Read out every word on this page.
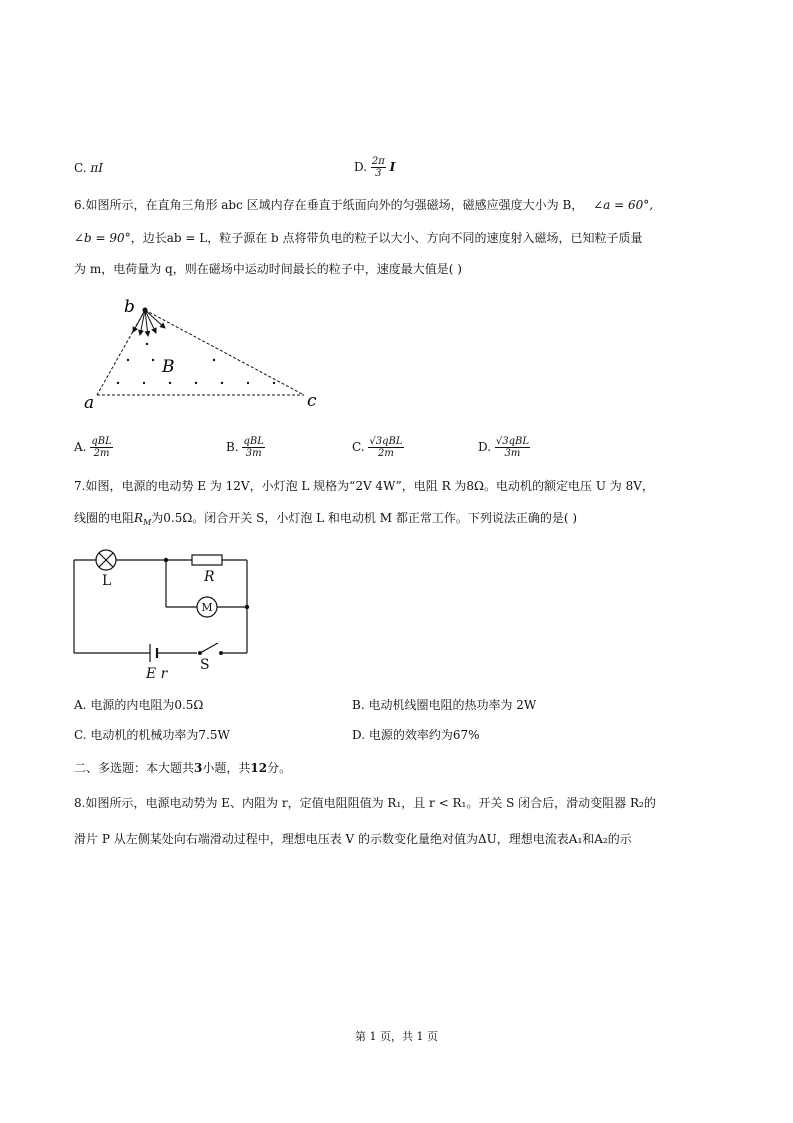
C. πI	D. $\frac{2\pi}{3}$ I
6.如图所示，在直角三角形 abc 区域内存在垂直于纸面向外的匀强磁场，磁感应强度大小为 B， ∠a = 60°,
∠b = 90°，边长ab = L，粒子源在 b 点将带负电的粒子以大小、方向不同的速度射入磁场，已知粒子质量
为 m，电荷量为 q，则在磁场中运动时间最长的粒子中，速度最大值是( )
b
B
a	c
A. $\frac{\text{qBL}}{2m}$	B. $\frac{\text{qBL}}{3m}$	C. $\frac{\text{√3qBL}}{2m}$	D. $\frac{\text{√3qBL}}{3m}$
7.如图，电源的电动势 E 为 12V，小灯泡 L 规格为“2V 4W”，电阻 R 为8Ω。电动机的额定电压 U 为 8V，
线圈的电阻$R_M$为0.5Ω。闭合开关 S，小灯泡 L 和电动机 M 都正常工作。下列说法正确的是( )
M
L	R
E r
S
A. 电源的内电阻为0.5Ω	B. 电动机线圈电阻的热功率为 2W
C. 电动机的机械功率为7.5W	D. 电源的效率约为67%
二、多选题：本大题共3小题，共12分。
8.如图所示，电源电动势为 E、内阻为 r，定值电阻阻值为 R₁，且 r < R₁。开关 S 闭合后，滑动变阻器 R₂的
滑片 P 从左侧某处向右端滑动过程中，理想电压表 V 的示数变化量绝对值为ΔU，理想电流表A₁和A₂的示
第 1 页，共 1 页
